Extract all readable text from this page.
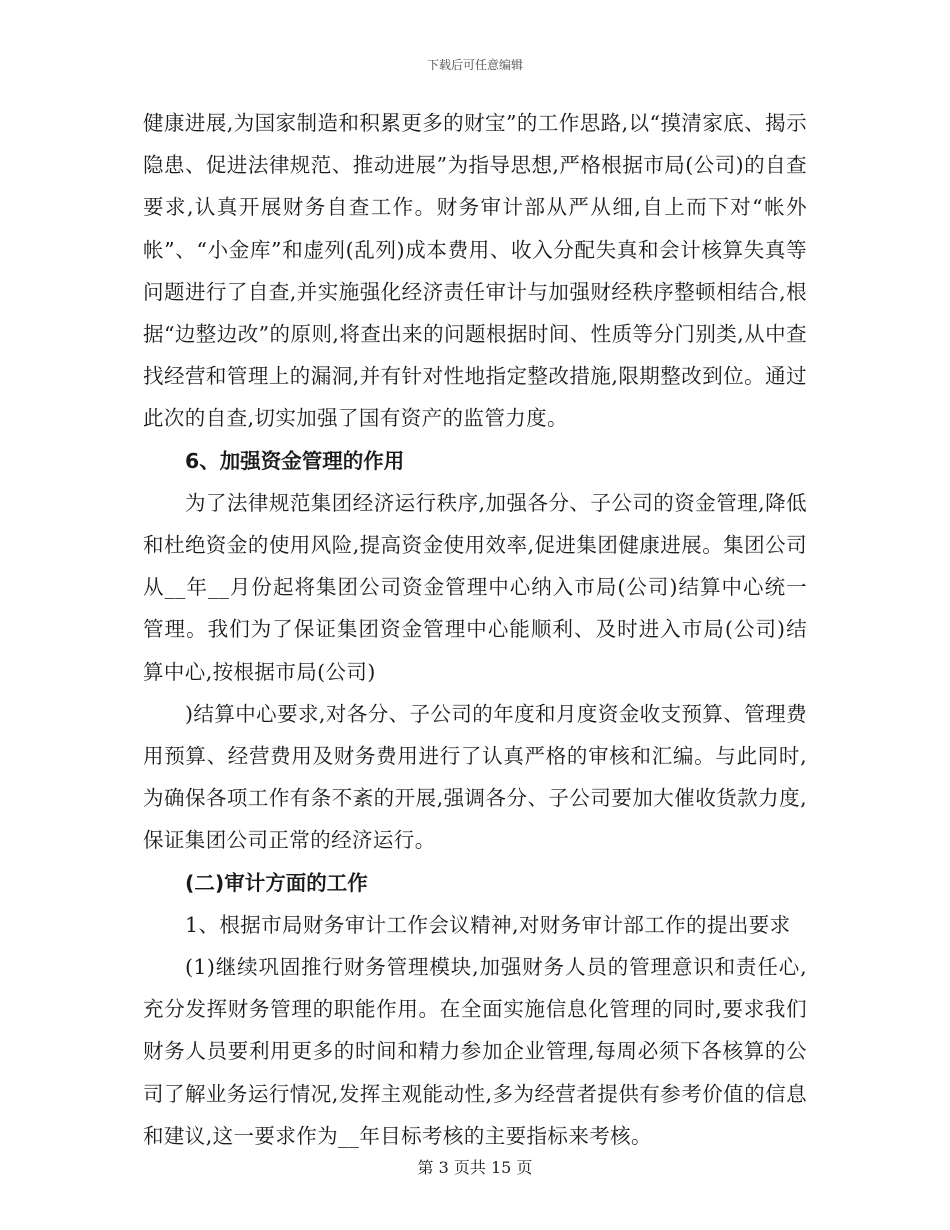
下载后可任意编辑

健康进展,为国家制造和积累更多的财宝”的工作思路,以“摸清家底、揭示隐患、促进法律规范、推动进展”为指导思想,严格根据市局(公司)的自查要求,认真开展财务自查工作。财务审计部从严从细,自上而下对“帐外帐”、“小金库”和虚列(乱列)成本费用、收入分配失真和会计核算失真等问题进行了自查,并实施强化经济责任审计与加强财经秩序整顿相结合,根据“边整边改”的原则,将查出来的问题根据时间、性质等分门别类,从中查找经营和管理上的漏洞,并有针对性地指定整改措施,限期整改到位。通过此次的自查,切实加强了国有资产的监管力度。

6、加强资金管理的作用

为了法律规范集团经济运行秩序,加强各分、子公司的资金管理,降低和杜绝资金的使用风险,提高资金使用效率,促进集团健康进展。集团公司从__年__月份起将集团公司资金管理中心纳入市局(公司)结算中心统一管理。我们为了保证集团资金管理中心能顺利、及时进入市局(公司)结算中心,按根据市局(公司)

)结算中心要求,对各分、子公司的年度和月度资金收支预算、管理费用预算、经营费用及财务费用进行了认真严格的审核和汇编。与此同时,为确保各项工作有条不紊的开展,强调各分、子公司要加大催收货款力度,保证集团公司正常的经济运行。

(二)审计方面的工作

1、根据市局财务审计工作会议精神,对财务审计部工作的提出要求

(1)继续巩固推行财务管理模块,加强财务人员的管理意识和责任心,充分发挥财务管理的职能作用。在全面实施信息化管理的同时,要求我们财务人员要利用更多的时间和精力参加企业管理,每周必须下各核算的公司了解业务运行情况,发挥主观能动性,多为经营者提供有参考价值的信息和建议,这一要求作为__年目标考核的主要指标来考核。

第 3 页共 15 页
